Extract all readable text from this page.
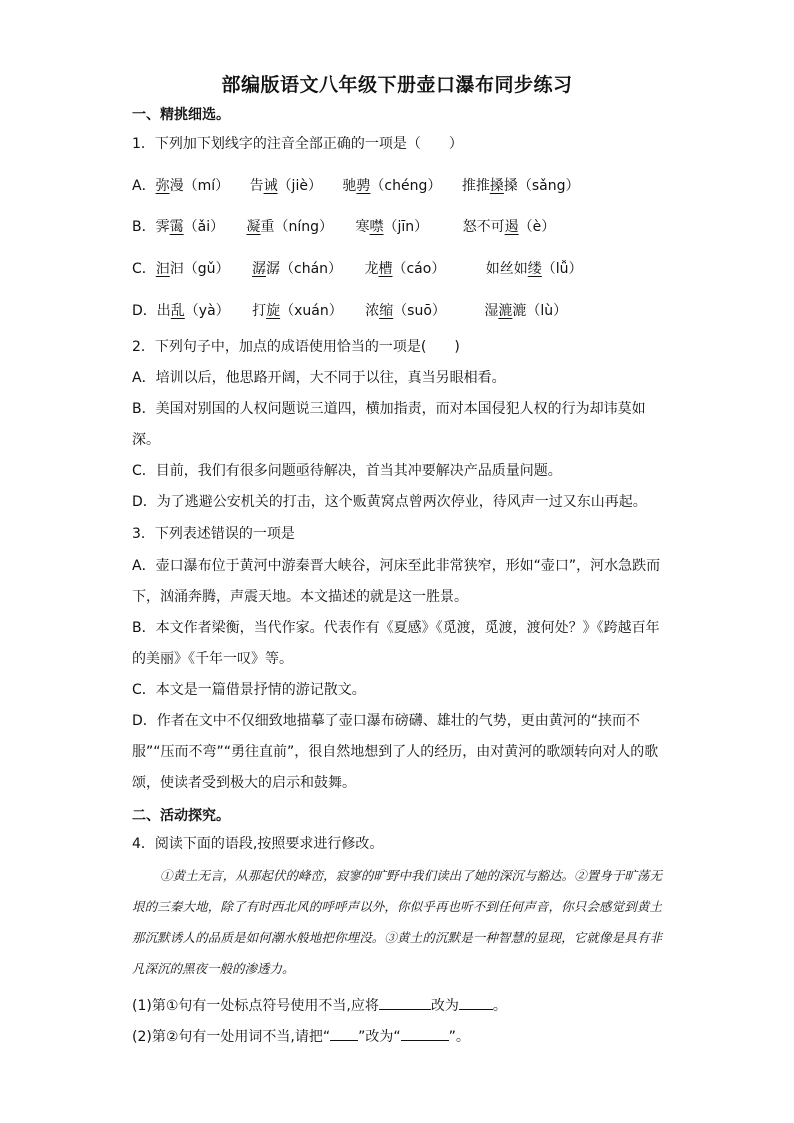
部编版语文八年级下册壶口瀑布同步练习
一、精挑细选。
1．下列加下划线字的注音全部正确的一项是（　　）
A．弥漫（mí） 告诫（jiè） 驰骋（chéng） 推推搡搡（sǎng）
B．霁霭（ǎi） 凝重（níng） 寒噤（jīn） 怒不可遏（è）
C．汩汩（gǔ） 潺潺（chán） 龙槽（cáo）	如丝如缕（lǚ）
D．出乱（yà） 打旋（xuán） 浓缩（suō）	湿漉漉（lù）
2．下列句子中，加点的成语使用恰当的一项是(　　)
A．培训以后，他思路开阔，大不同于以往，真当另眼相看。
B．美国对别国的人权问题说三道四，横加指责，而对本国侵犯人权的行为却讳莫如
深。
C．目前，我们有很多问题亟待解决，首当其冲要解决产品质量问题。
D．为了逃避公安机关的打击，这个贩黄窝点曾两次停业，待风声一过又东山再起。
3．下列表述错误的一项是
A．壶口瀑布位于黄河中游秦晋大峡谷，河床至此非常狭窄，形如“壶口”，河水急跌而
下，汹涌奔腾，声震天地。本文描述的就是这一胜景。
B．本文作者梁衡，当代作家。代表作有《夏感》《觅渡，觅渡，渡何处？》《跨越百年
的美丽》《千年一叹》等。
C．本文是一篇借景抒情的游记散文。
D．作者在文中不仅细致地描摹了壶口瀑布磅礴、雄壮的气势，更由黄河的“挟而不
服”“压而不弯”“勇往直前”，很自然地想到了人的经历，由对黄河的歌颂转向对人的歌
颂，使读者受到极大的启示和鼓舞。
二、活动探究。
4．阅读下面的语段,按照要求进行修改。
①黄土无言，从那起伏的峰峦，寂寥的旷野中我们读出了她的深沉与豁达。②置身于旷荡无垠的三秦大地，除了有时西北风的呼呼声以外，你似乎再也听不到任何声音，你只会感觉到黄土那沉默诱人的品质是如何潮水般地把你埋没。③黄土的沉默是一种智慧的显现，它就像是具有非凡深沉的黑夜一般的渗透力。
(1)第①句有一处标点符号使用不当,应将	改为 。
(2)第②句有一处用词不当,请把“ ”改为“	”。
